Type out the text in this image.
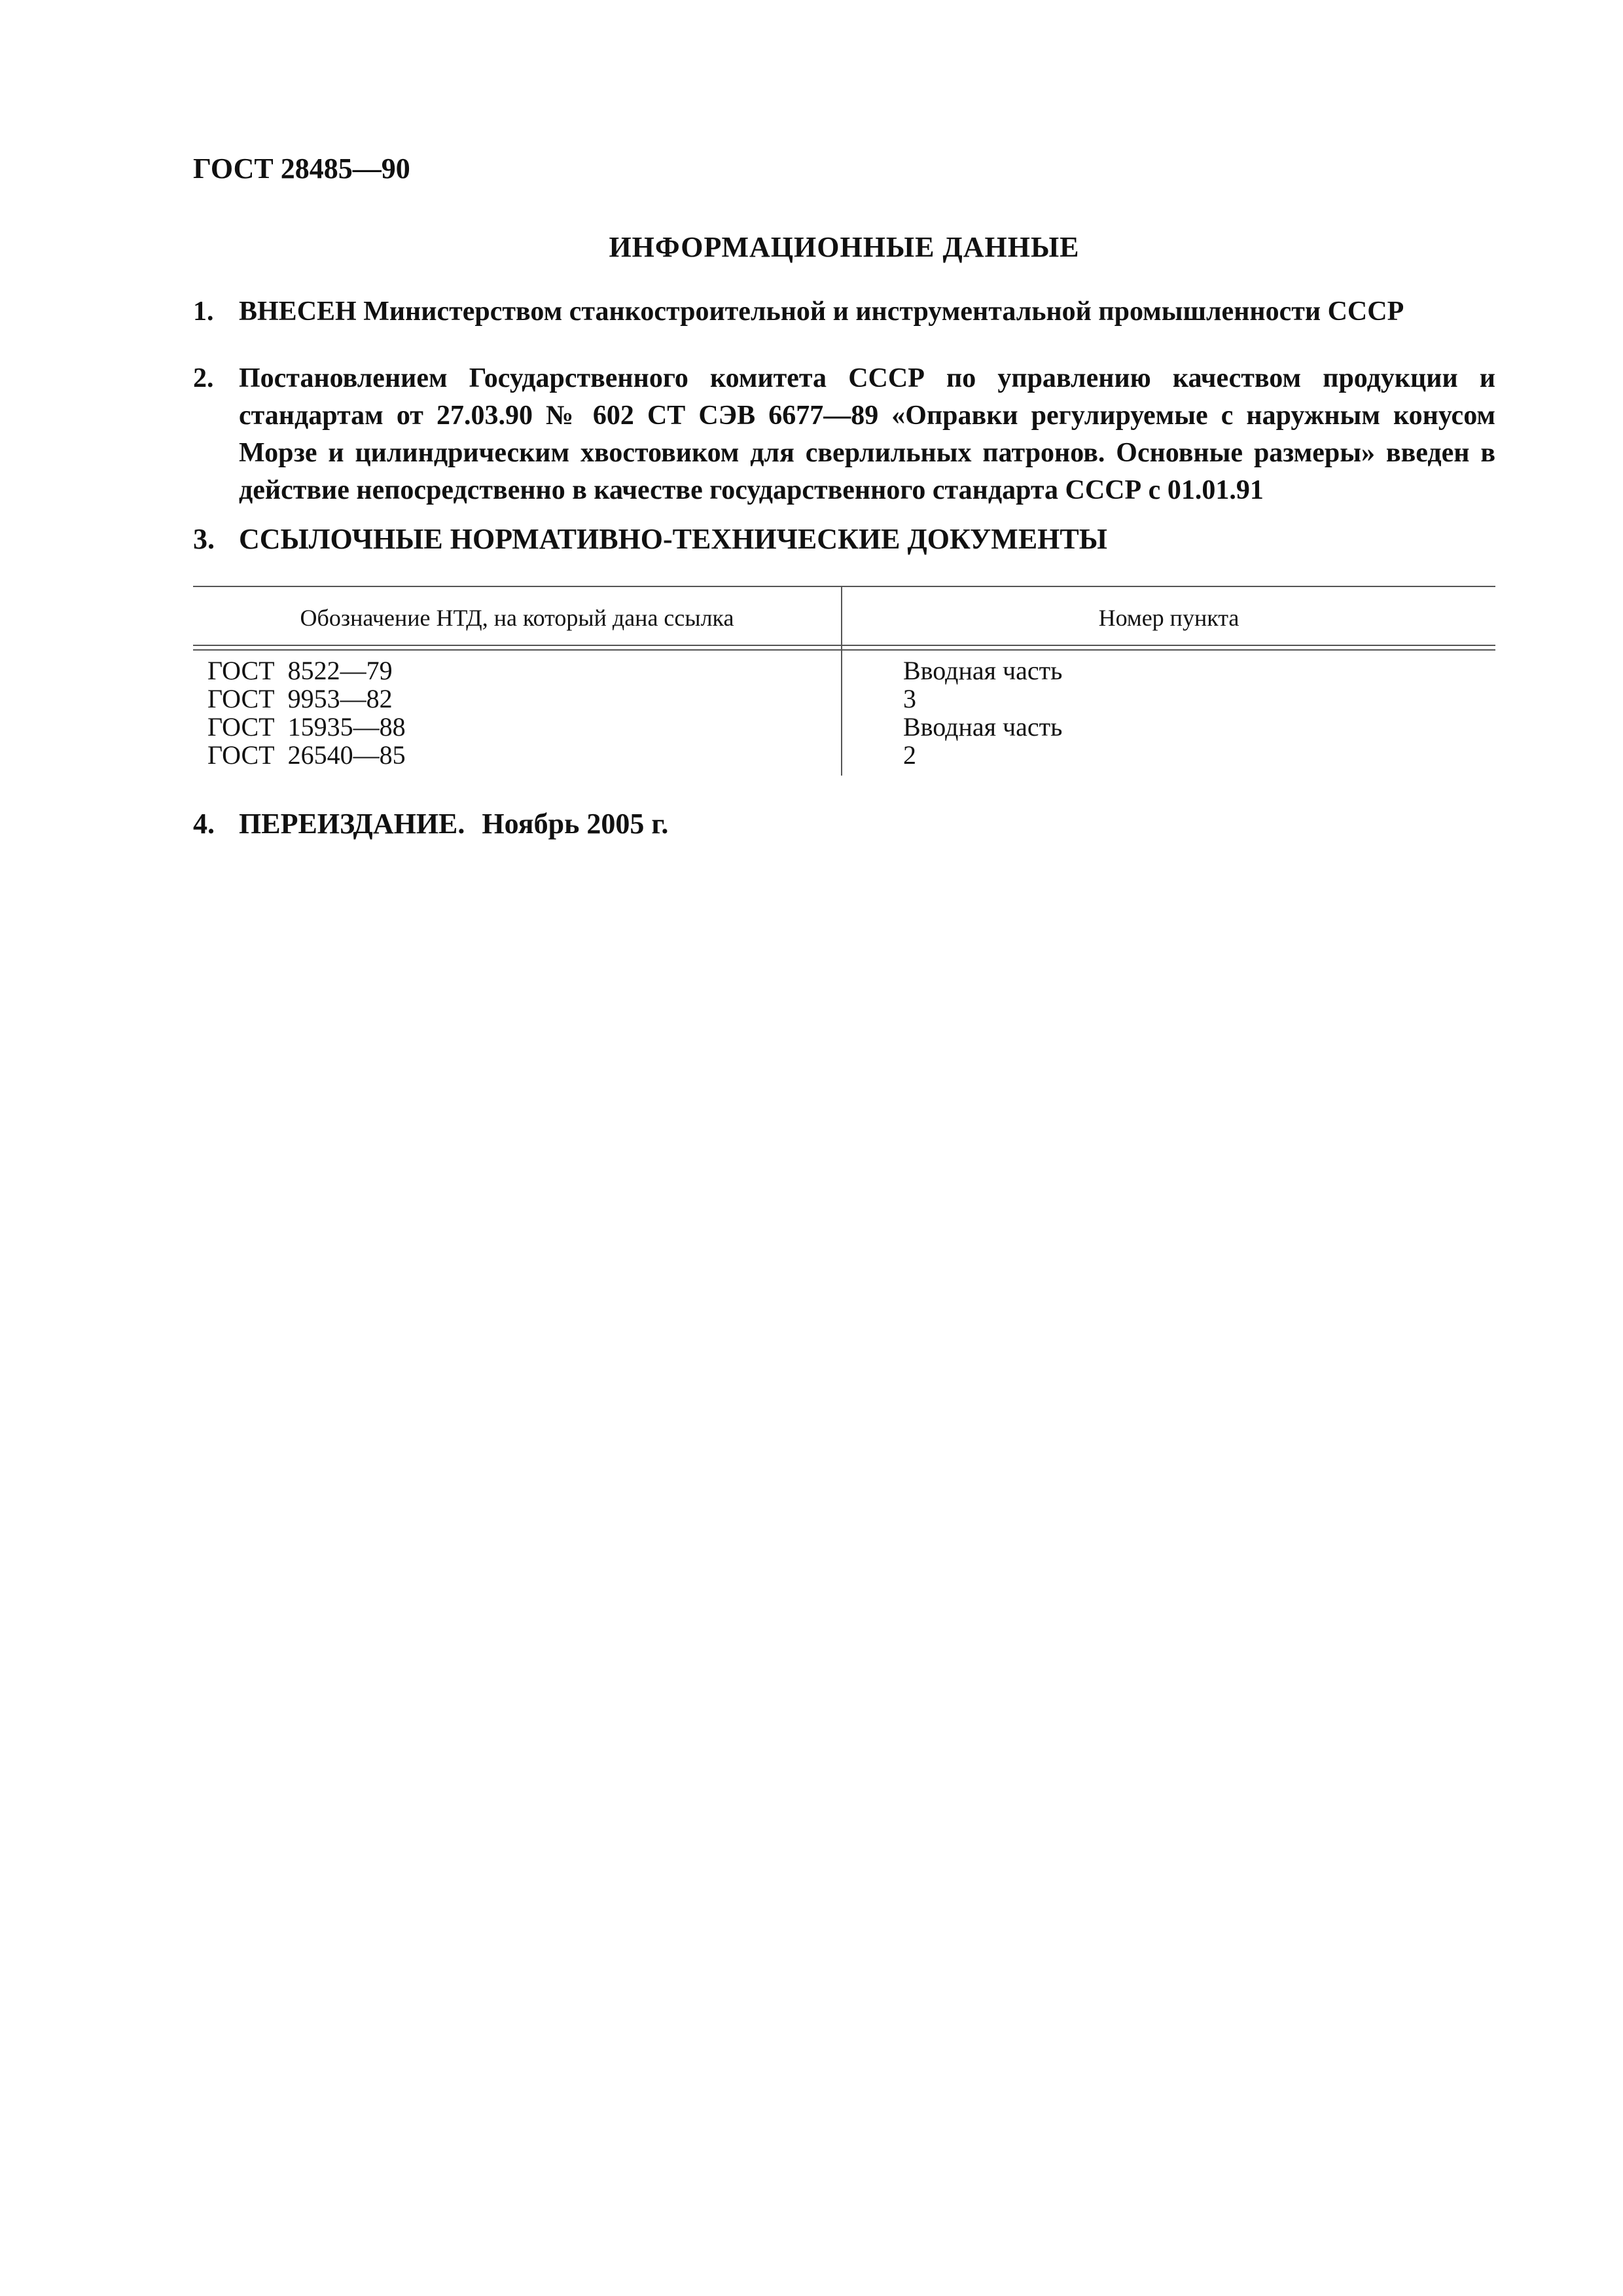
ГОСТ 28485—90
ИНФОРМАЦИОННЫЕ ДАННЫЕ
1. ВНЕСЕН Министерством станкостроительной и инструментальной промышленности СССР
2. Постановлением Государственного комитета СССР по управлению качеством продукции и стандартам от 27.03.90 № 602 СТ СЭВ 6677—89 «Оправки регулируемые с наружным конусом Морзе и цилиндрическим хвостовиком для сверлильных патронов. Основные размеры» введен в действие непосредственно в качестве государственного стандарта СССР с 01.01.91
3. ССЫЛОЧНЫЕ НОРМАТИВНО-ТЕХНИЧЕСКИЕ ДОКУМЕНТЫ
Обозначение НТД, на который дана ссылка	Номер пункта
ГОСТ  8522—79
ГОСТ  9953—82
ГОСТ  15935—88
ГОСТ  26540—85
Вводная часть
3
Вводная часть
2
4. ПЕРЕИЗДАНИЕ. Ноябрь 2005 г.
